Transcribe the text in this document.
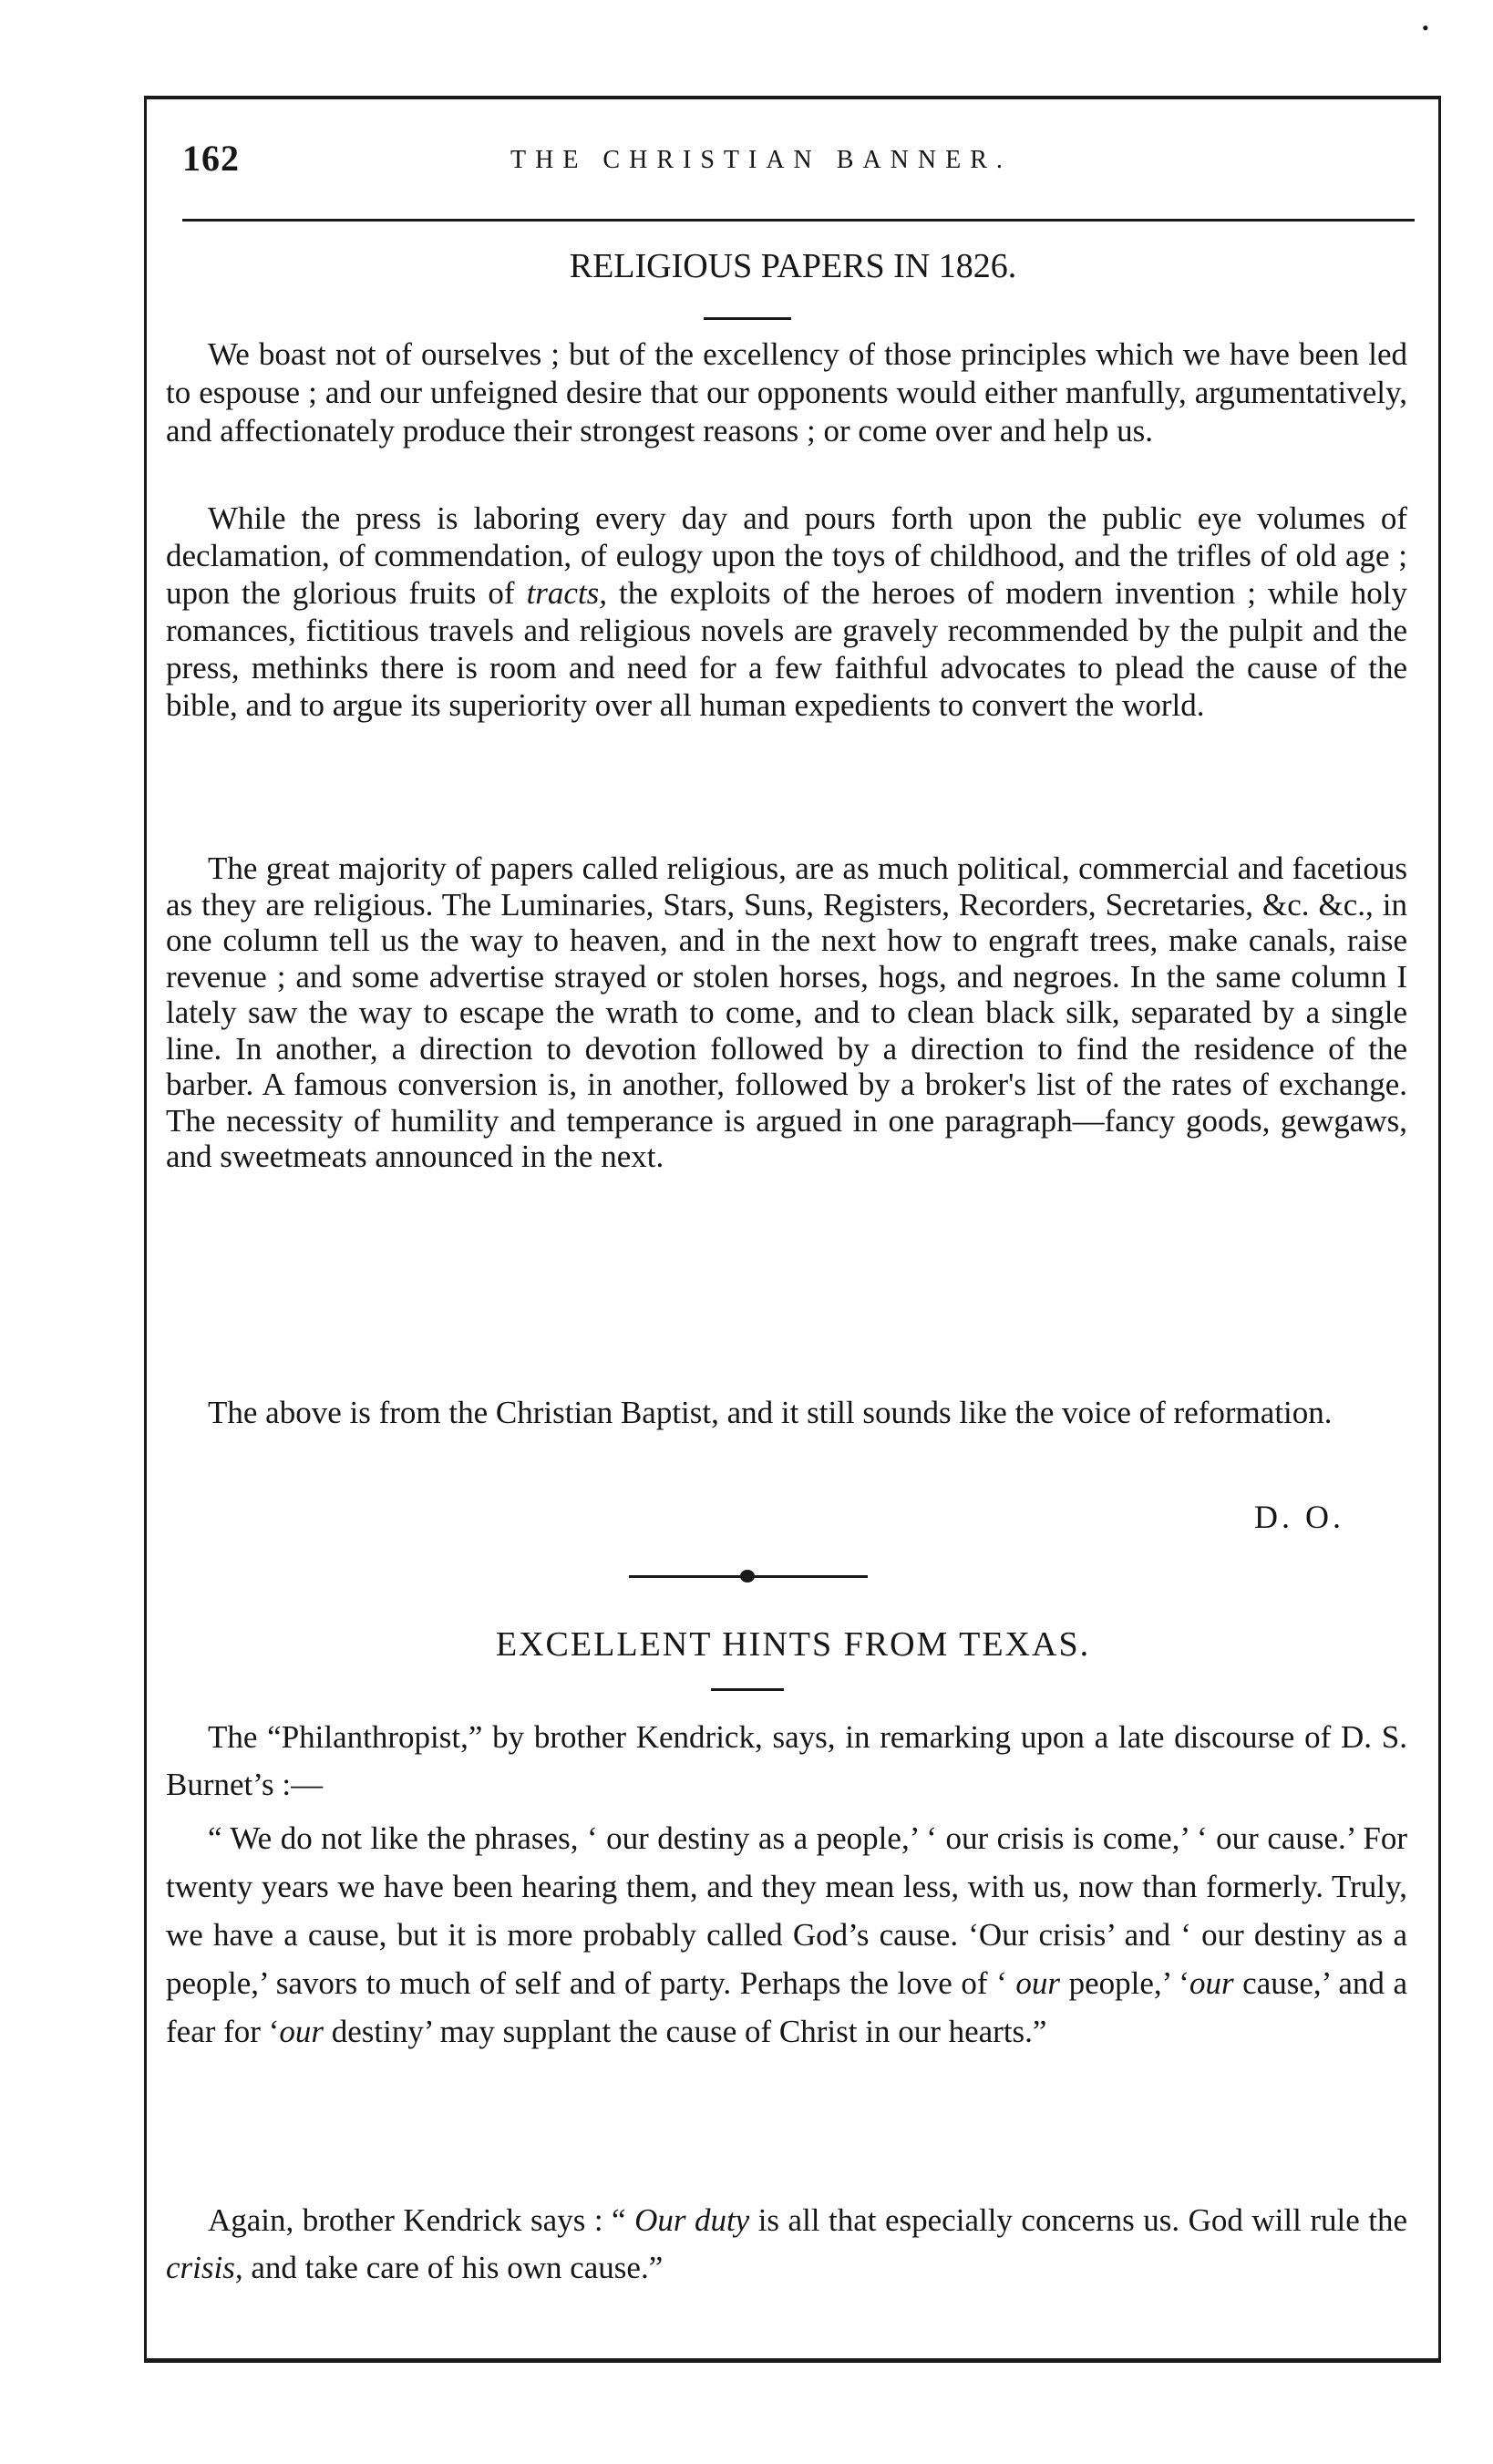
•
162	THE CHRISTIAN BANNER.
RELIGIOUS PAPERS IN 1826.

We boast not of ourselves ; but of the excellency of those principles which we have been led to espouse ; and our unfeigned desire that our opponents would either manfully, argumentatively, and affectionately produce their strongest reasons ; or come over and help us.

While the press is laboring every day and pours forth upon the public eye volumes of declamation, of commendation, of eulogy upon the toys of childhood, and the trifles of old age ; upon the glorious fruits of tracts, the exploits of the heroes of modern invention ; while holy romances, fictitious travels and religious novels are gravely recommended by the pulpit and the press, methinks there is room and need for a few faithful advocates to plead the cause of the bible, and to argue its superiority over all human expedients to convert the world.

The great majority of papers called religious, are as much political, commercial and facetious as they are religious. The Luminaries, Stars, Suns, Registers, Recorders, Secretaries, &c. &c., in one column tell us the way to heaven, and in the next how to engraft trees, make canals, raise revenue ; and some advertise strayed or stolen horses, hogs, and negroes. In the same column I lately saw the way to escape the wrath to come, and to clean black silk, separated by a single line. In another, a direction to devotion followed by a direction to find the residence of the barber. A famous conversion is, in another, followed by a broker's list of the rates of exchange. The necessity of humility and temperance is argued in one paragraph—fancy goods, gewgaws, and sweetmeats announced in the next.

The above is from the Christian Baptist, and it still sounds like the voice of reformation.

D. O.
EXCELLENT HINTS FROM TEXAS.

The “Philanthropist,” by brother Kendrick, says, in remarking upon a late discourse of D. S. Burnet’s :—

“ We do not like the phrases, ‘ our destiny as a people,’ ‘ our crisis is come,’ ‘ our cause.’ For twenty years we have been hearing them, and they mean less, with us, now than formerly. Truly, we have a cause, but it is more probably called God’s cause. ‘Our crisis’ and ‘ our destiny as a people,’ savors to much of self and of party. Perhaps the love of ‘ our people,’ ‘our cause,’ and a fear for ‘our destiny’ may supplant the cause of Christ in our hearts.”

Again, brother Kendrick says : “ Our duty is all that especially concerns us. God will rule the crisis, and take care of his own cause.”
